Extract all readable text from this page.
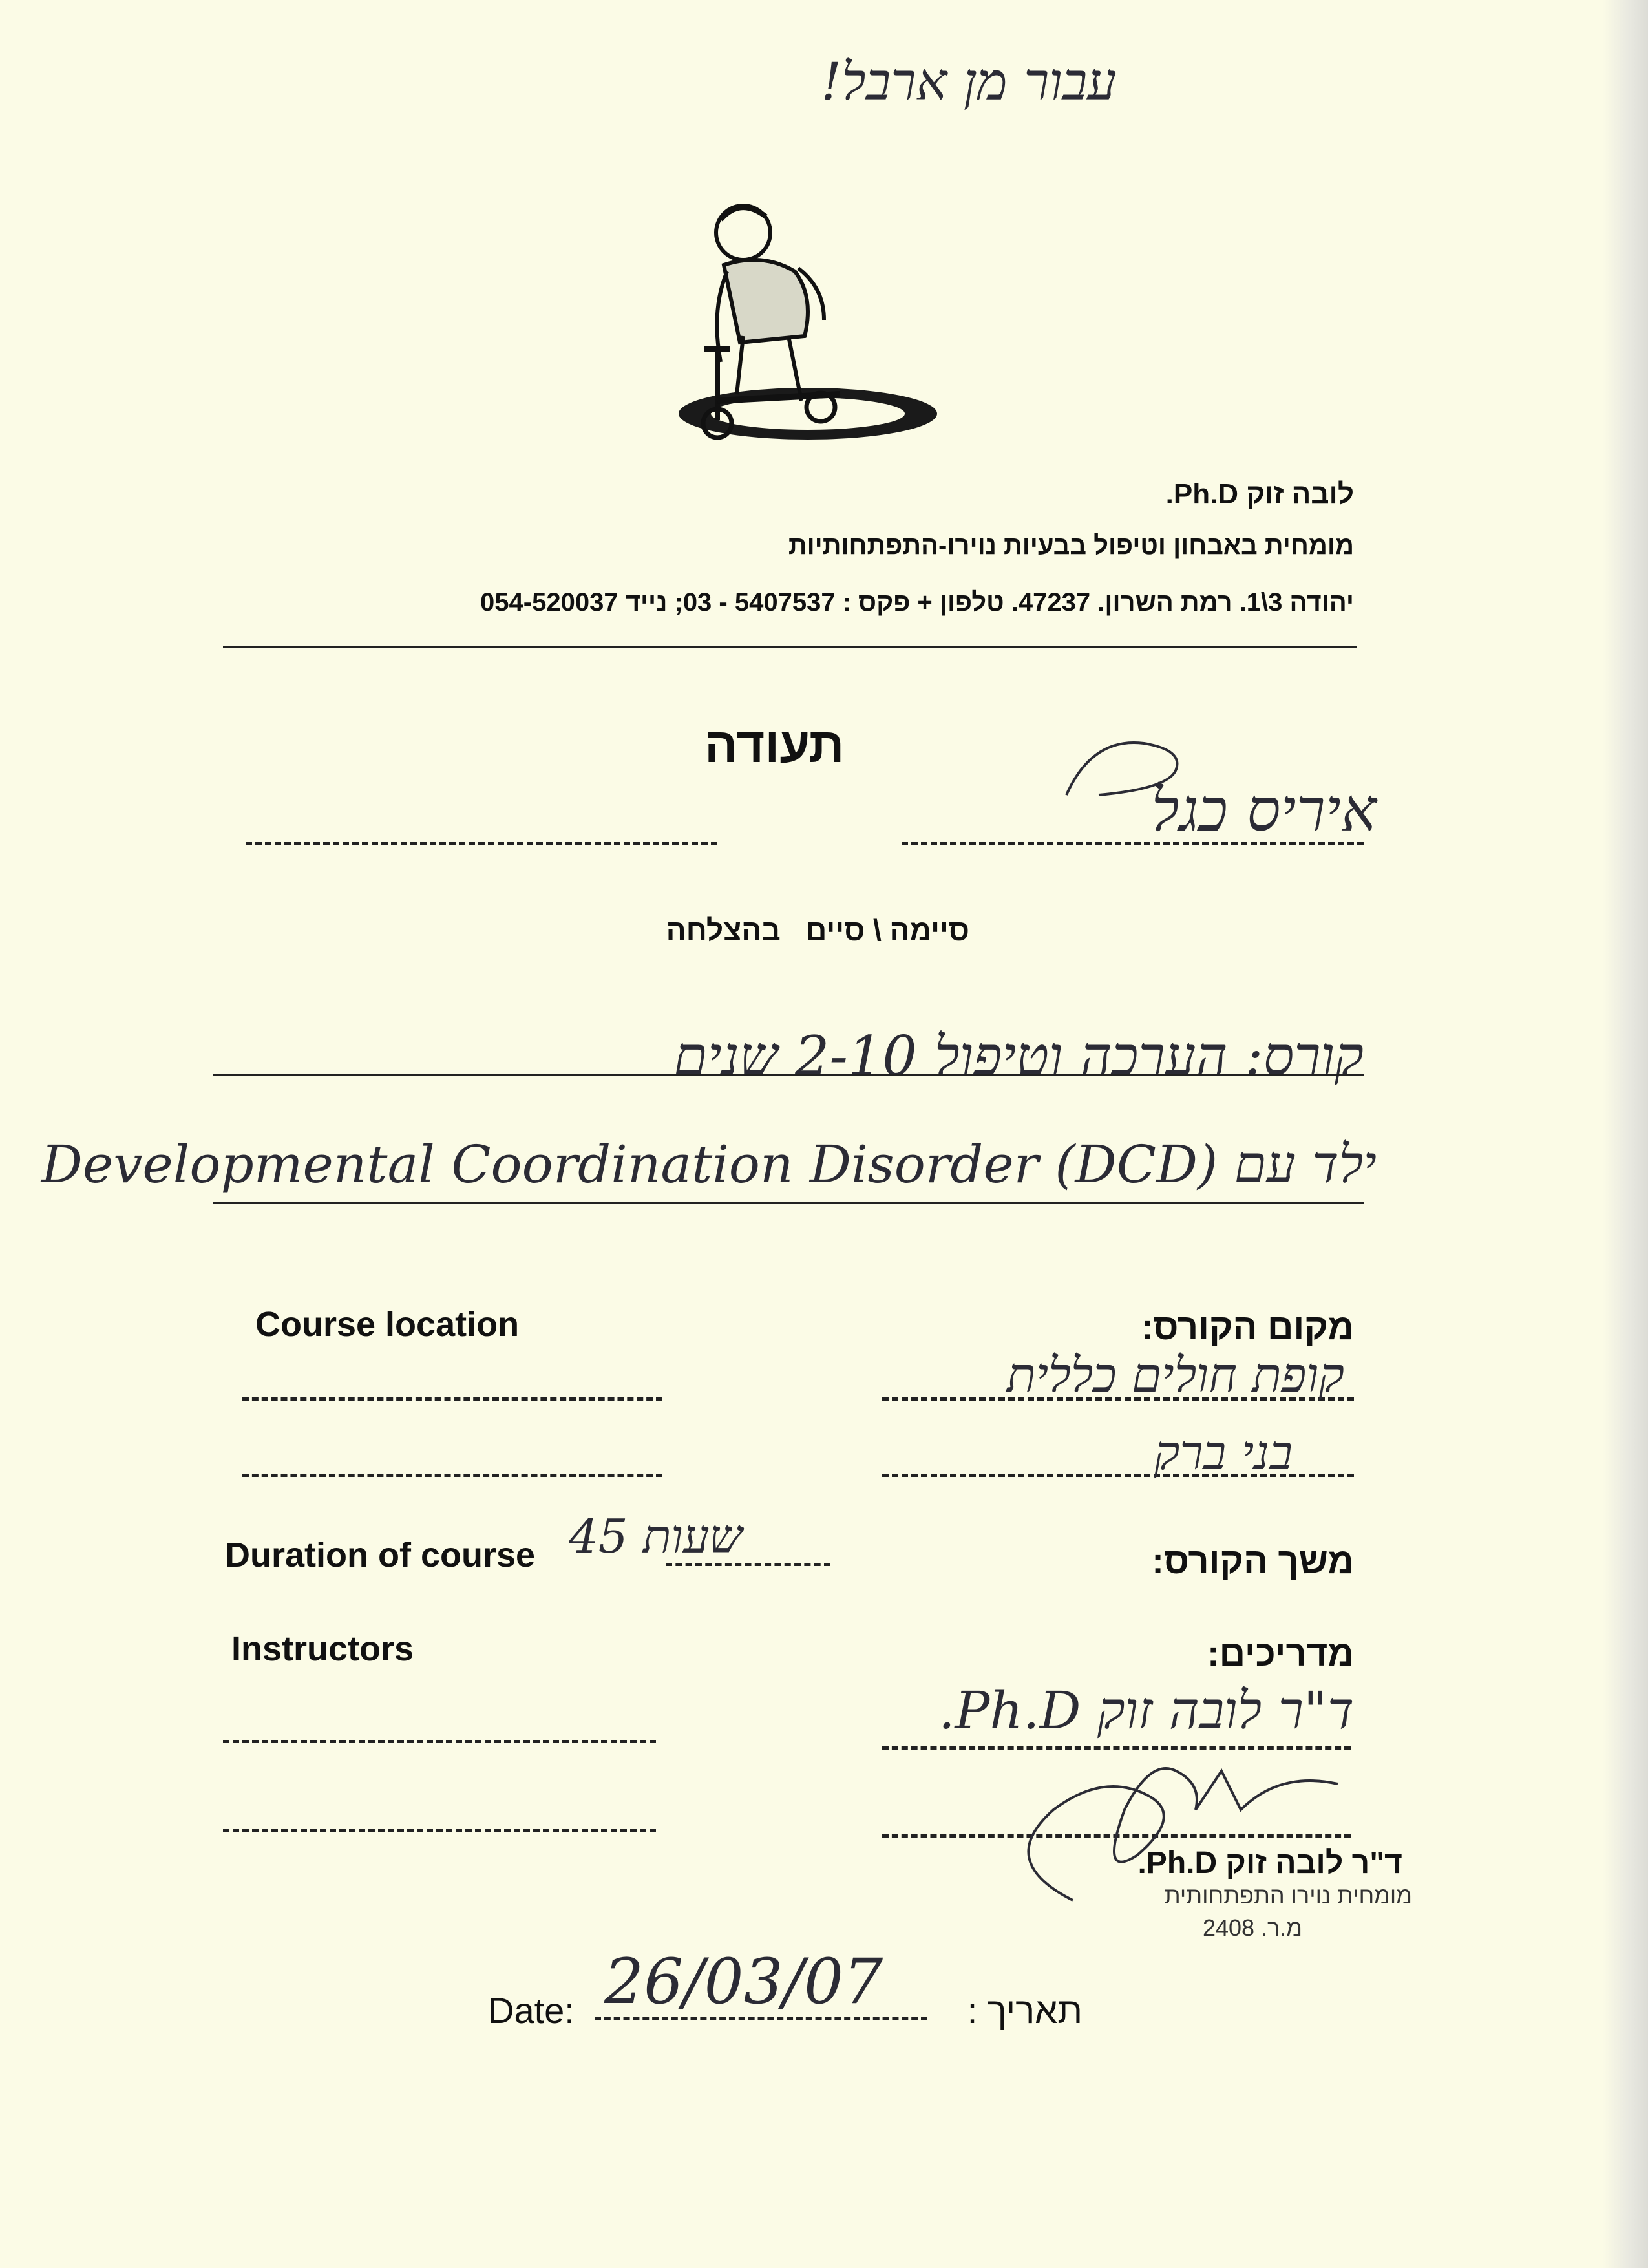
עבור מן ארבל!
לובה זוק Ph.D.
מומחית באבחון וטיפול בבעיות נוירו-התפתחותיות
יהודה 3\1. רמת השרון. 47237. טלפון + פקס : 5407537 - 03; נייד 054-520037
תעודה
איריס כגל
סיימה \ סיים   בהצלחה
קורס: הערכה וטיפול 2-10 שנים
ילד עם Developmental Coordination Disorder (DCD)
Course location	מקום הקורס:
קופת חולים כללית
בני ברק
Duration of course שעות 45	משך הקורס:
Instructors	מדריכים:
ד"ר לובה זוק Ph.D.
ד"ר לובה זוק Ph.D.
מומחית נוירו התפתחותית
מ.ר. 2408
Date: 26/03/07 תאריך :
